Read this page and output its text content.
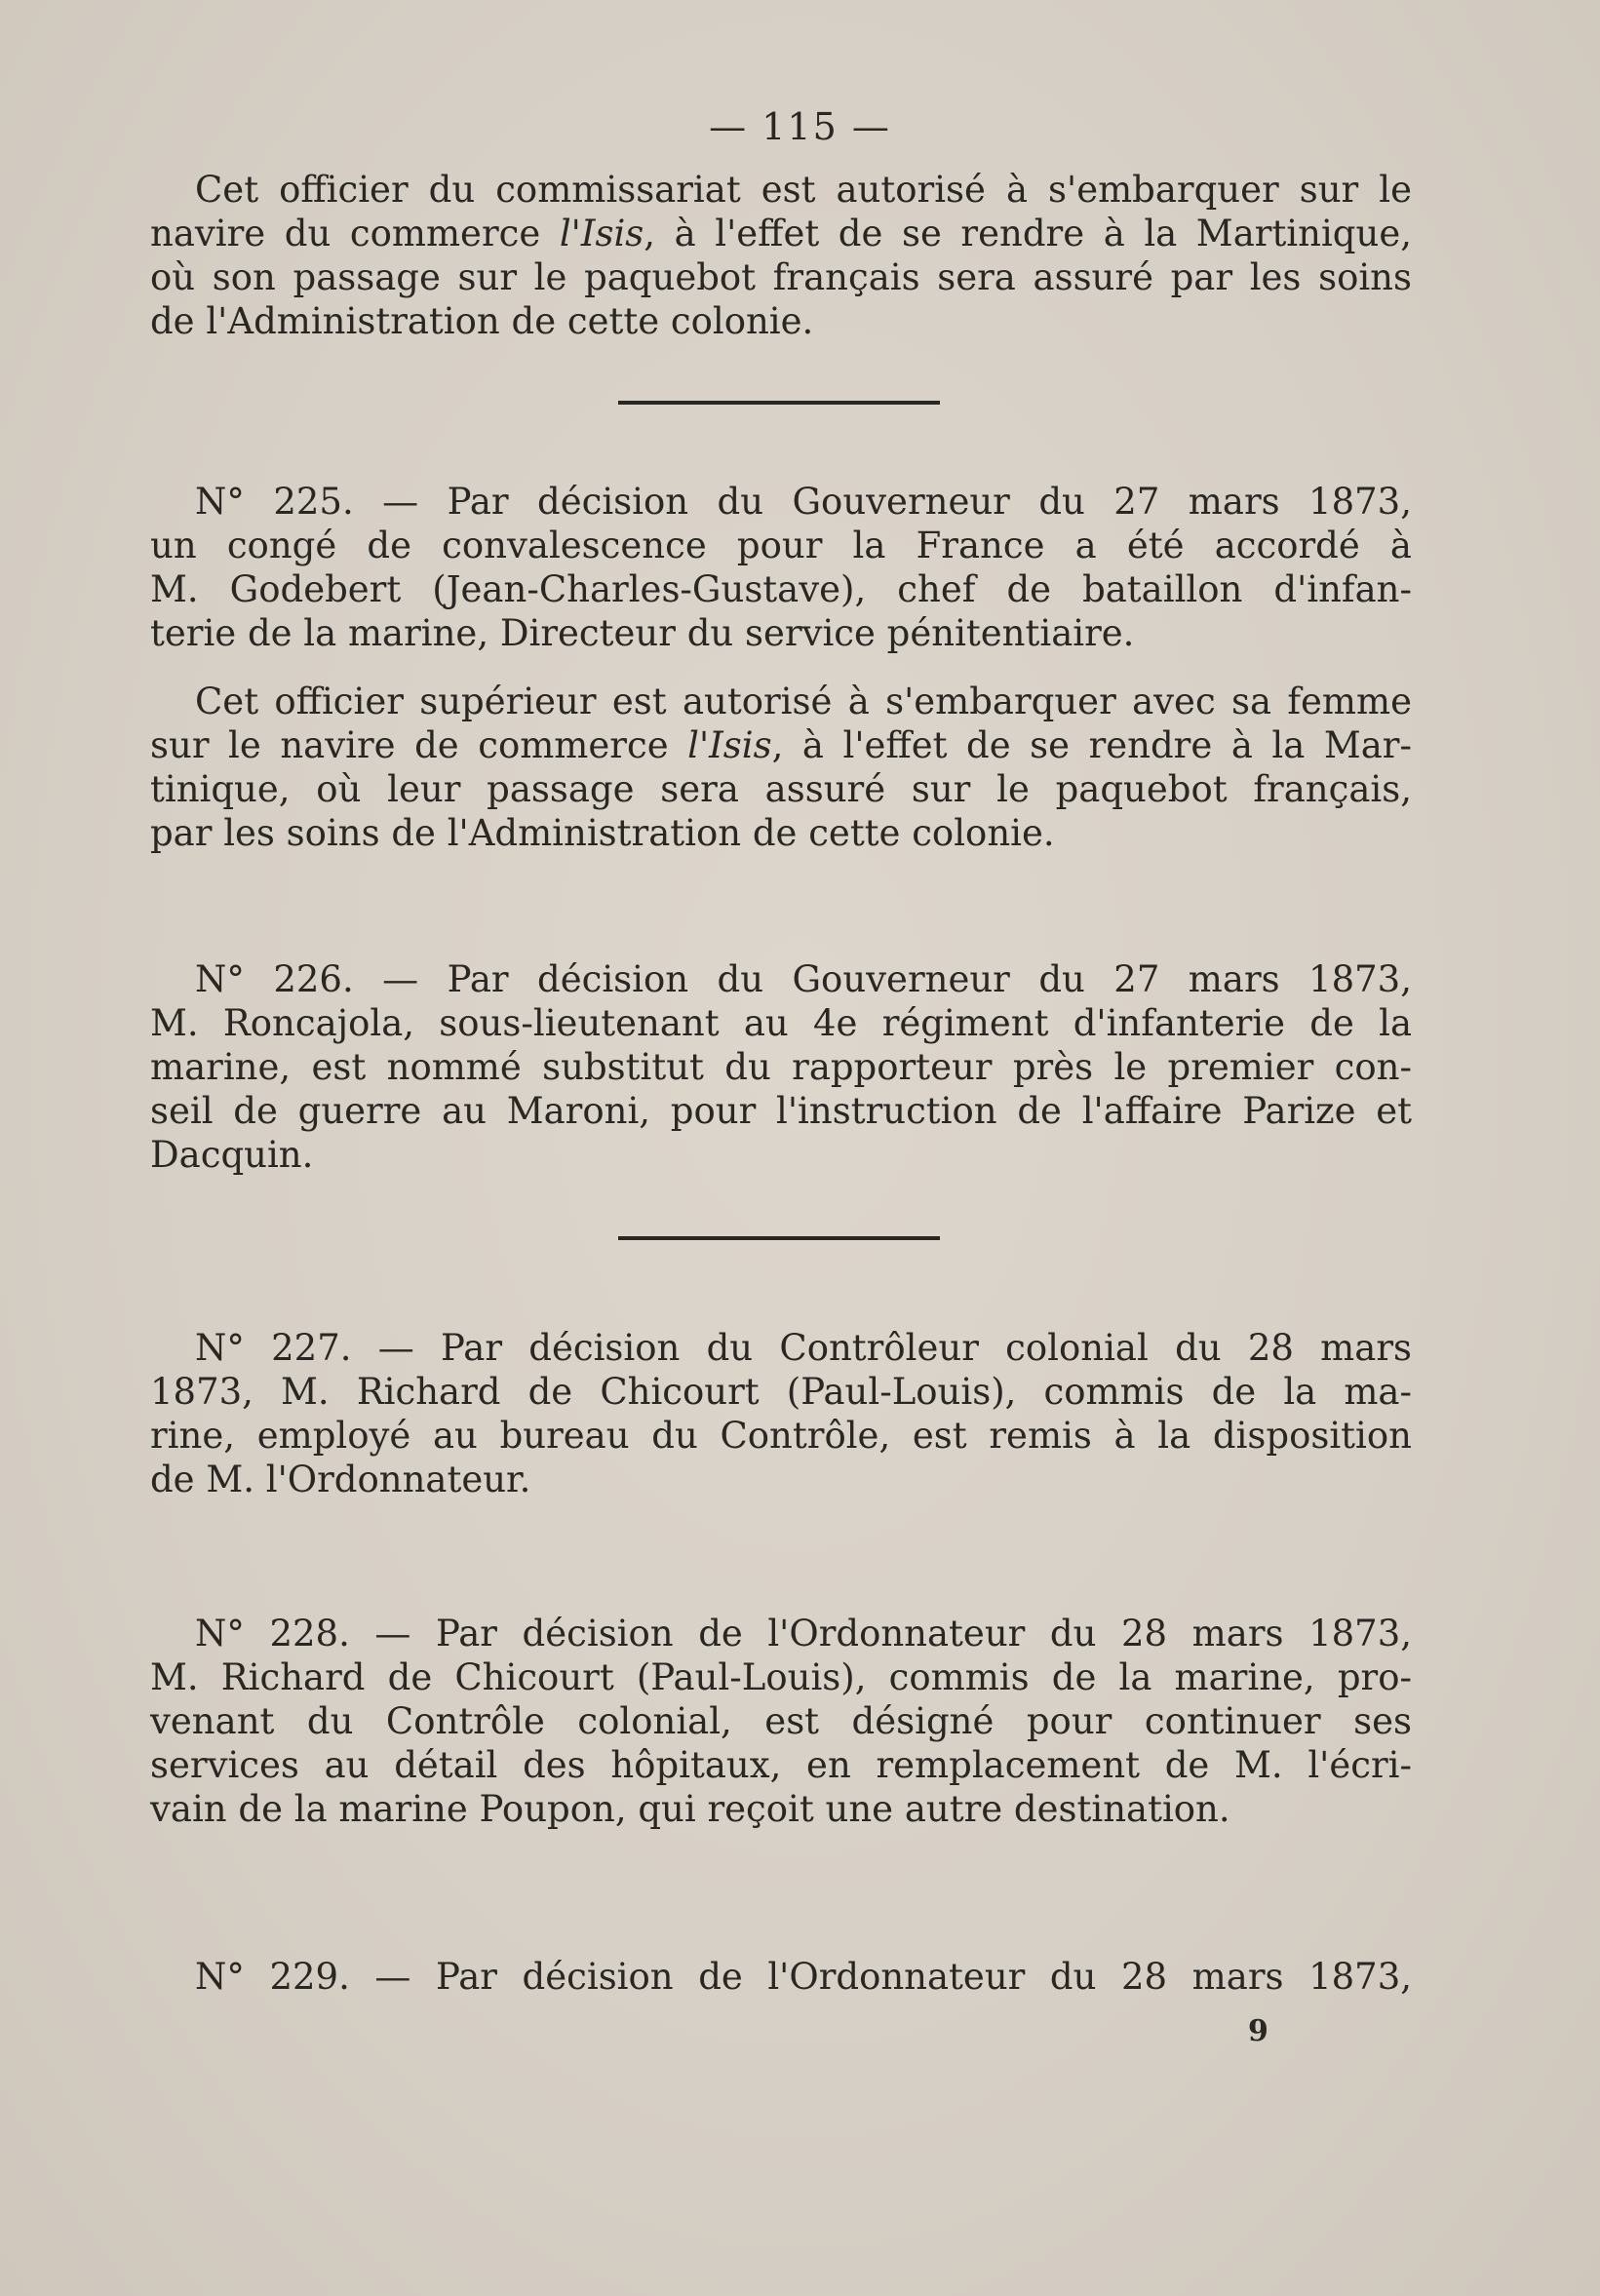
— 115 —
Cet officier du commissariat est autorisé à s'embarquer sur le
navire du commerce l'Isis, à l'effet de se rendre à la Martinique,
où son passage sur le paquebot français sera assuré par les soins
de l'Administration de cette colonie.
N° 225. — Par décision du Gouverneur du 27 mars 1873,
un congé de convalescence pour la France a été accordé à
M. Godebert (Jean-Charles-Gustave), chef de bataillon d'infan-
terie de la marine, Directeur du service pénitentiaire.
Cet officier supérieur est autorisé à s'embarquer avec sa femme
sur le navire de commerce l'Isis, à l'effet de se rendre à la Mar-
tinique, où leur passage sera assuré sur le paquebot français,
par les soins de l'Administration de cette colonie.
N° 226. — Par décision du Gouverneur du 27 mars 1873,
M. Roncajola, sous-lieutenant au 4e régiment d'infanterie de la
marine, est nommé substitut du rapporteur près le premier con-
seil de guerre au Maroni, pour l'instruction de l'affaire Parize et
Dacquin.
N° 227. — Par décision du Contrôleur colonial du 28 mars
1873, M. Richard de Chicourt (Paul-Louis), commis de la ma-
rine, employé au bureau du Contrôle, est remis à la disposition
de M. l'Ordonnateur.
N° 228. — Par décision de l'Ordonnateur du 28 mars 1873,
M. Richard de Chicourt (Paul-Louis), commis de la marine, pro-
venant du Contrôle colonial, est désigné pour continuer ses
services au détail des hôpitaux, en remplacement de M. l'écri-
vain de la marine Poupon, qui reçoit une autre destination.
N° 229. — Par décision de l'Ordonnateur du 28 mars 1873,
9
